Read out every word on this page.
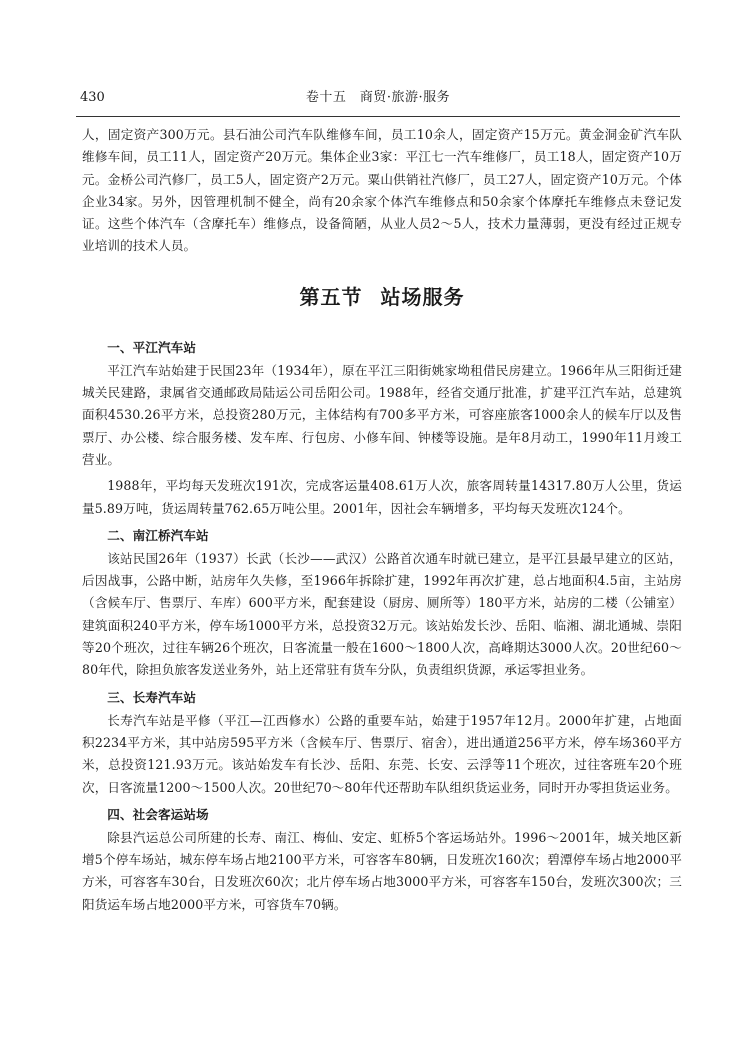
430	卷十五　商贸·旅游·服务

人，固定资产300万元。县石油公司汽车队维修车间，员工10余人，固定资产15万元。黄金洞金矿汽车队维修车间，员工11人，固定资产20万元。集体企业3家：平江七一汽车维修厂，员工18人，固定资产10万元。金桥公司汽修厂，员工5人，固定资产2万元。粟山供销社汽修厂，员工27人，固定资产10万元。个体企业34家。另外，因管理机制不健全，尚有20余家个体汽车维修点和50余家个体摩托车维修点未登记发证。这些个体汽车（含摩托车）维修点，设备简陋，从业人员2～5人，技术力量薄弱，更没有经过正规专业培训的技术人员。

第五节 站场服务
一、平江汽车站

平江汽车站始建于民国23年（1934年），原在平江三阳街姚家坳租借民房建立。1966年从三阳街迁建城关民建路，隶属省交通邮政局陆运公司岳阳公司。1988年，经省交通厅批准，扩建平江汽车站，总建筑面积4530.26平方米，总投资280万元，主体结构有700多平方米，可容座旅客1000余人的候车厅以及售票厅、办公楼、综合服务楼、发车库、行包房、小修车间、钟楼等设施。是年8月动工，1990年11月竣工营业。

1988年，平均每天发班次191次，完成客运量408.61万人次，旅客周转量14317.80万人公里，货运量5.89万吨，货运周转量762.65万吨公里。2001年，因社会车辆增多，平均每天发班次124个。

二、南江桥汽车站

该站民国26年（1937）长武（长沙——武汉）公路首次通车时就已建立，是平江县最早建立的区站，后因战事，公路中断，站房年久失修，至1966年拆除扩建，1992年再次扩建，总占地面积4.5亩，主站房（含候车厅、售票厅、车库）600平方米，配套建设（厨房、厕所等）180平方米，站房的二楼（公铺室）建筑面积240平方米，停车场1000平方米，总投资32万元。该站始发长沙、岳阳、临湘、湖北通城、崇阳等20个班次，过往车辆26个班次，日客流量一般在1600～1800人次，高峰期达3000人次。20世纪60～80年代，除担负旅客发送业务外，站上还常驻有货车分队，负责组织货源，承运零担业务。

三、长寿汽车站

长寿汽车站是平修（平江—江西修水）公路的重要车站，始建于1957年12月。2000年扩建，占地面积2234平方米，其中站房595平方米（含候车厅、售票厅、宿舍），进出通道256平方米，停车场360平方米，总投资121.93万元。该站始发车有长沙、岳阳、东莞、长安、云浮等11个班次，过往客班车20个班次，日客流量1200～1500人次。20世纪70～80年代还帮助车队组织货运业务，同时开办零担货运业务。

四、社会客运站场

除县汽运总公司所建的长寿、南江、梅仙、安定、虹桥5个客运场站外。1996～2001年，城关地区新增5个停车场站，城东停车场占地2100平方米，可容客车80辆，日发班次160次；碧潭停车场占地2000平方米，可容客车30台，日发班次60次；北片停车场占地3000平方米，可容客车150台，发班次300次；三阳货运车场占地2000平方米，可容货车70辆。
